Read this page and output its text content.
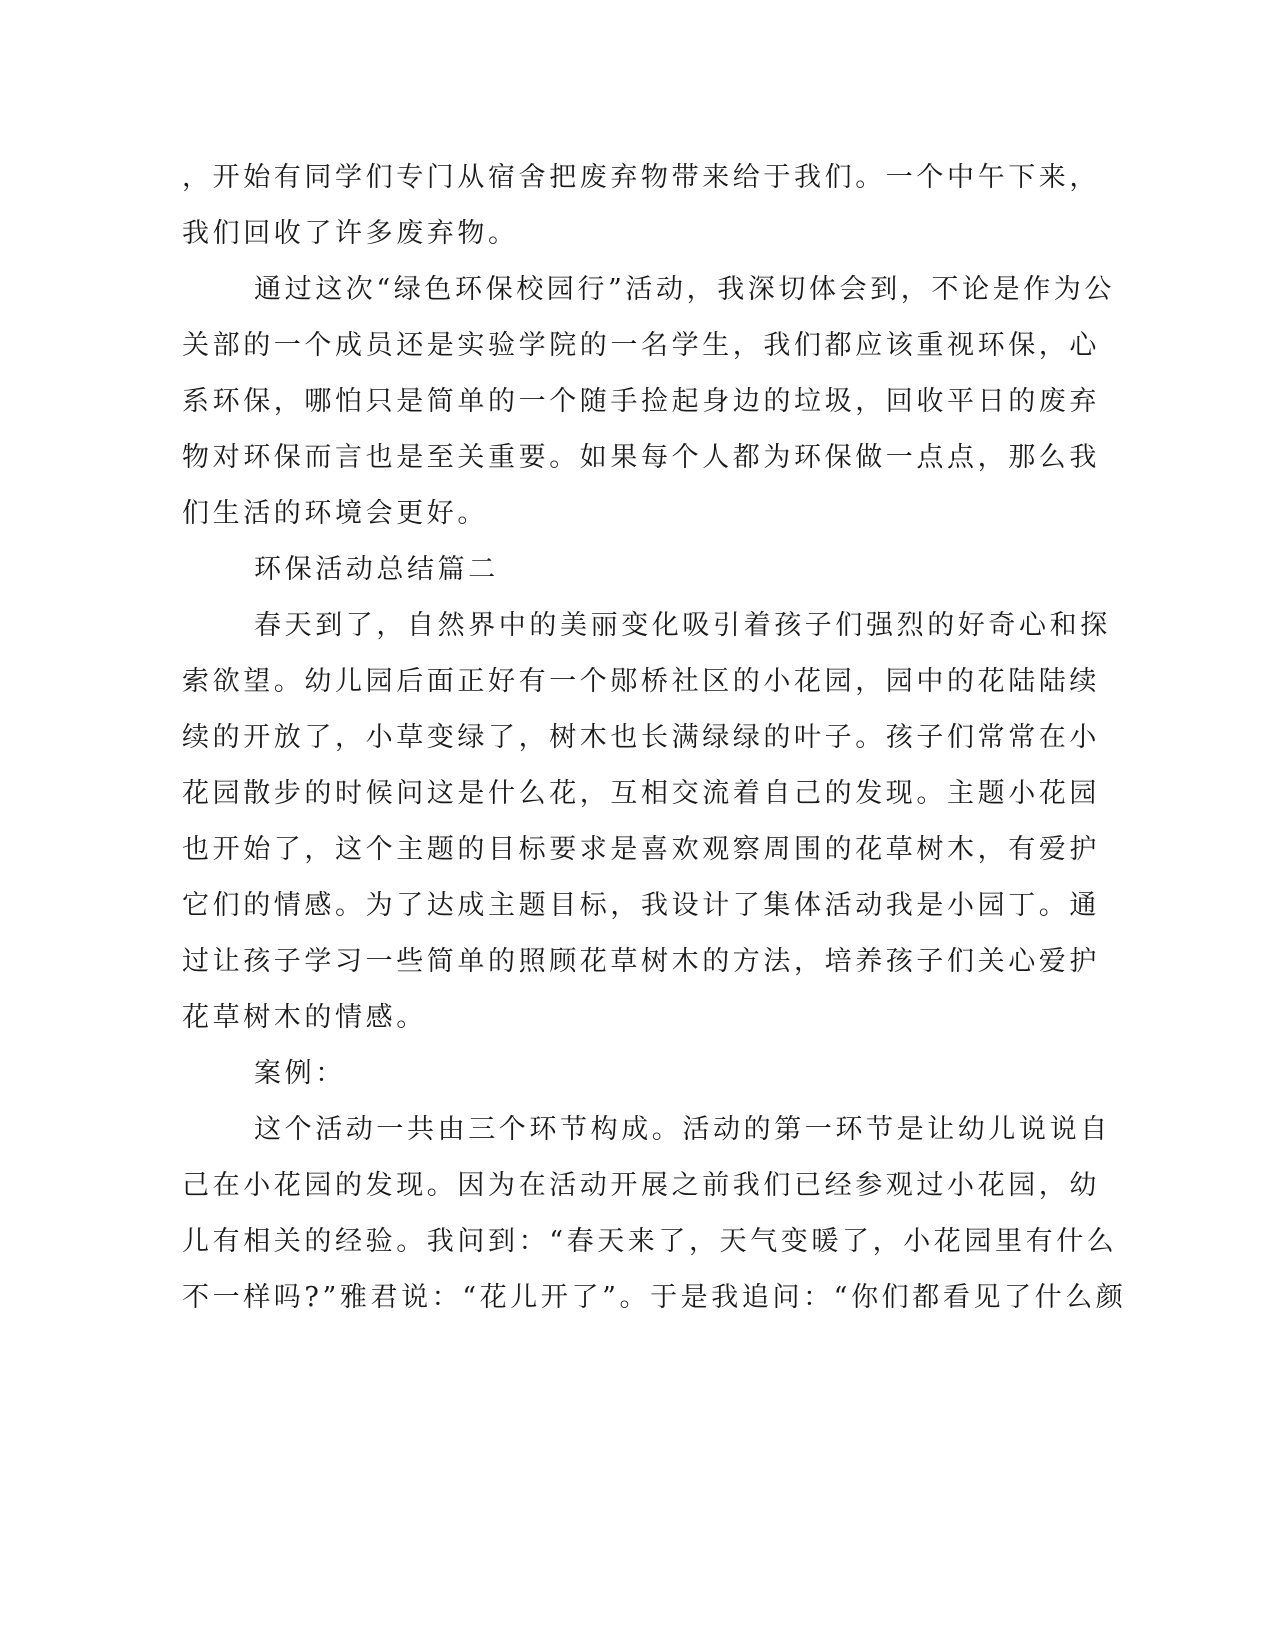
，开始有同学们专门从宿舍把废弃物带来给于我们。一个中午下来，
我们回收了许多废弃物。
通过这次“绿色环保校园行”活动，我深切体会到，不论是作为公
关部的一个成员还是实验学院的一名学生，我们都应该重视环保，心
系环保，哪怕只是简单的一个随手捡起身边的垃圾，回收平日的废弃
物对环保而言也是至关重要。如果每个人都为环保做一点点，那么我
们生活的环境会更好。
环保活动总结篇二
春天到了，自然界中的美丽变化吸引着孩子们强烈的好奇心和探
索欲望。幼儿园后面正好有一个郧桥社区的小花园，园中的花陆陆续
续的开放了，小草变绿了，树木也长满绿绿的叶子。孩子们常常在小
花园散步的时候问这是什么花，互相交流着自己的发现。主题小花园
也开始了，这个主题的目标要求是喜欢观察周围的花草树木，有爱护
它们的情感。为了达成主题目标，我设计了集体活动我是小园丁。通
过让孩子学习一些简单的照顾花草树木的方法，培养孩子们关心爱护
花草树木的情感。
案例：
这个活动一共由三个环节构成。活动的第一环节是让幼儿说说自
己在小花园的发现。因为在活动开展之前我们已经参观过小花园，幼
儿有相关的经验。我问到：“春天来了，天气变暖了，小花园里有什么
不一样吗?”雅君说：“花儿开了”。于是我追问：“你们都看见了什么颜
